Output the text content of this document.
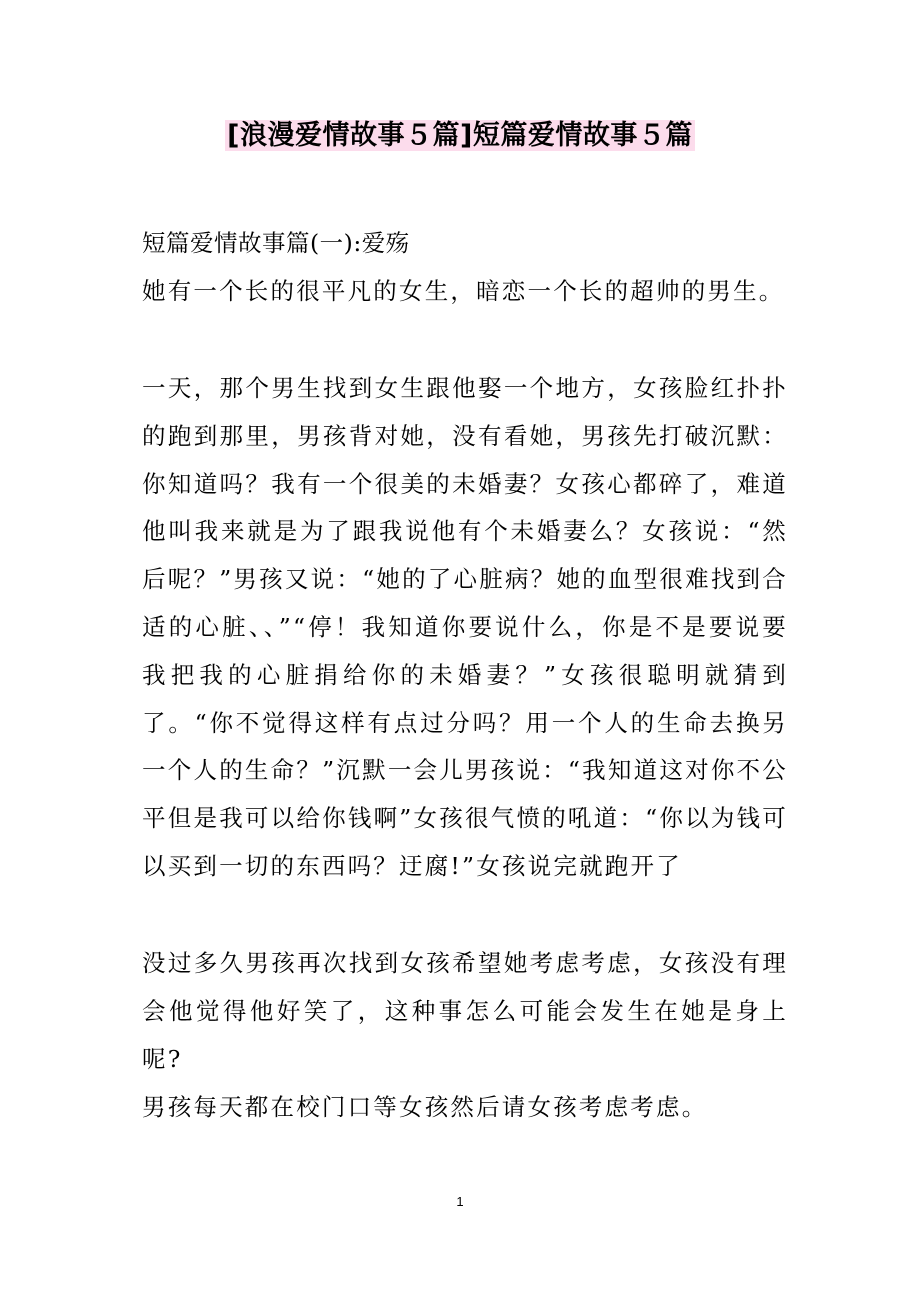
[浪漫爱情故事５篇]短篇爱情故事５篇

短篇爱情故事篇(一):爱殇

她有一个长的很平凡的女生，暗恋一个长的超帅的男生。

一天，那个男生找到女生跟他娶一个地方，女孩脸红扑扑的跑到那里，男孩背对她，没有看她，男孩先打破沉默：你知道吗？我有一个很美的未婚妻？女孩心都碎了，难道他叫我来就是为了跟我说他有个未婚妻么？女孩说：“然后呢？”男孩又说：“她的了心脏病？她的血型很难找到合适的心脏、、”“停！我知道你要说什么，你是不是要说要我把我的心脏捐给你的未婚妻？”女孩很聪明就猜到了。“你不觉得这样有点过分吗？用一个人的生命去换另一个人的生命？”沉默一会儿男孩说：“我知道这对你不公平但是我可以给你钱啊”女孩很气愤的吼道：“你以为钱可以买到一切的东西吗？迂腐!”女孩说完就跑开了

没过多久男孩再次找到女孩希望她考虑考虑，女孩没有理会他觉得他好笑了，这种事怎么可能会发生在她是身上呢?

男孩每天都在校门口等女孩然后请女孩考虑考虑。

1
